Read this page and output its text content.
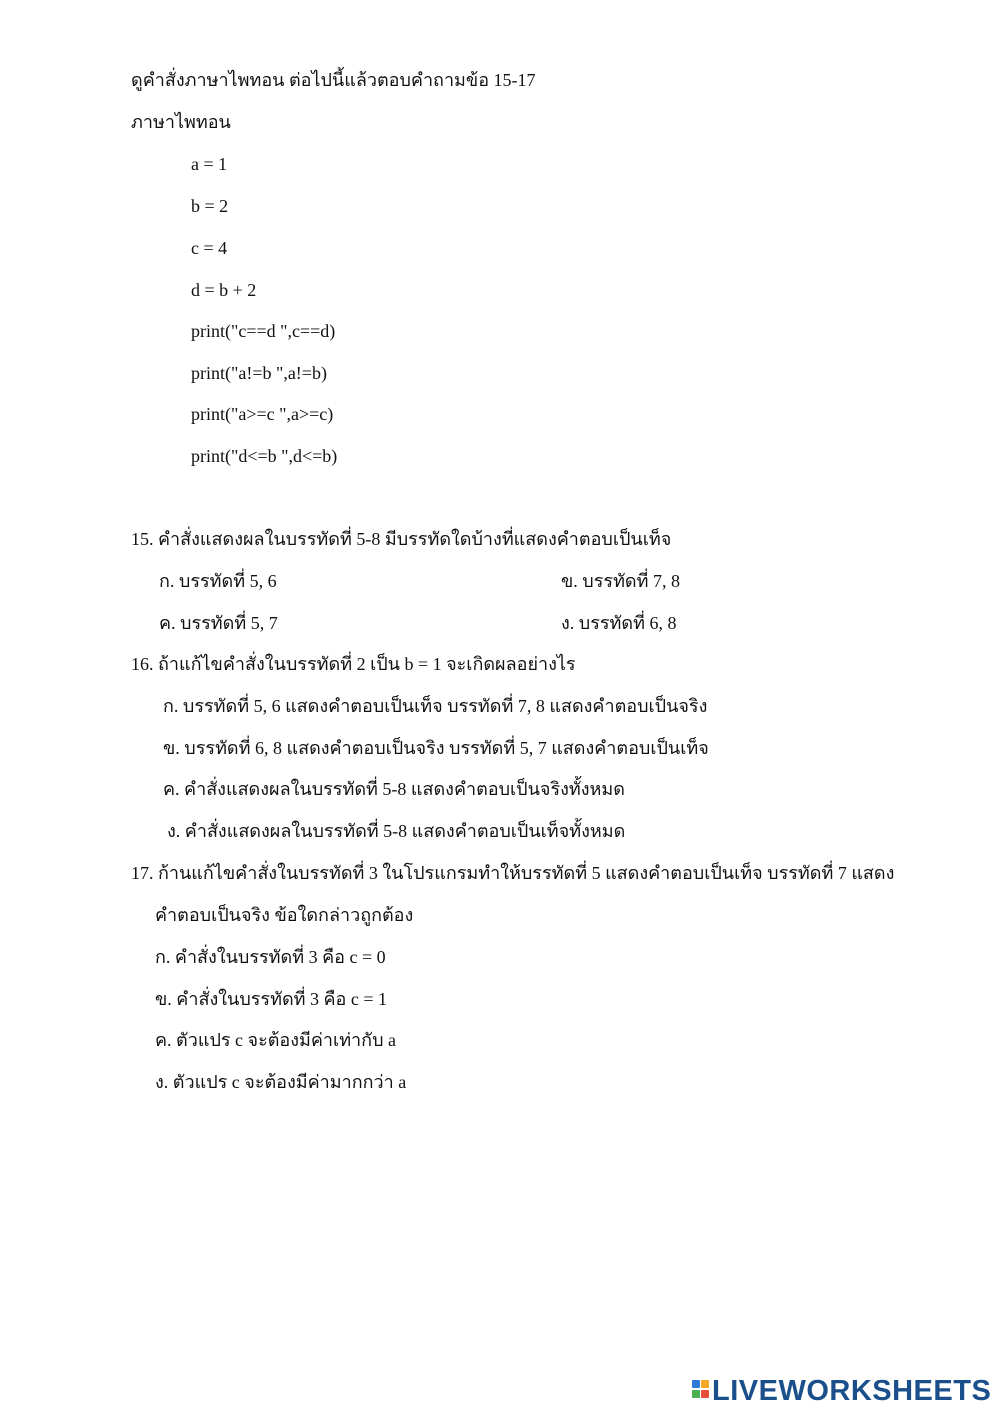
ดูคำสั่งภาษาไพทอน ต่อไปนี้แล้วตอบคำถามข้อ 15-17
ภาษาไพทอน
a = 1
b = 2
c = 4
d = b + 2
print("c==d ",c==d)
print("a!=b ",a!=b)
print("a>=c ",a>=c)
print("d<=b ",d<=b)
15. คำสั่งแสดงผลในบรรทัดที่ 5-8 มีบรรทัดใดบ้างที่แสดงคำตอบเป็นเท็จ
ก. บรรทัดที่ 5, 6	ข. บรรทัดที่ 7, 8
ค. บรรทัดที่ 5, 7	ง. บรรทัดที่ 6, 8
16. ถ้าแก้ไขคำสั่งในบรรทัดที่ 2 เป็น b = 1 จะเกิดผลอย่างไร
ก. บรรทัดที่ 5, 6 แสดงคำตอบเป็นเท็จ บรรทัดที่ 7, 8 แสดงคำตอบเป็นจริง
ข. บรรทัดที่ 6, 8 แสดงคำตอบเป็นจริง บรรทัดที่ 5, 7 แสดงคำตอบเป็นเท็จ
ค. คำสั่งแสดงผลในบรรทัดที่ 5-8 แสดงคำตอบเป็นจริงทั้งหมด
ง. คำสั่งแสดงผลในบรรทัดที่ 5-8 แสดงคำตอบเป็นเท็จทั้งหมด
17. ก้านแก้ไขคำสั่งในบรรทัดที่ 3 ในโปรแกรมทำให้บรรทัดที่ 5 แสดงคำตอบเป็นเท็จ บรรทัดที่ 7 แสดง
คำตอบเป็นจริง ข้อใดกล่าวถูกต้อง
ก. คำสั่งในบรรทัดที่ 3 คือ c = 0
ข. คำสั่งในบรรทัดที่ 3 คือ c = 1
ค. ตัวแปร c จะต้องมีค่าเท่ากับ a
ง. ตัวแปร c จะต้องมีค่ามากกว่า a
LIVEWORKSHEETS
